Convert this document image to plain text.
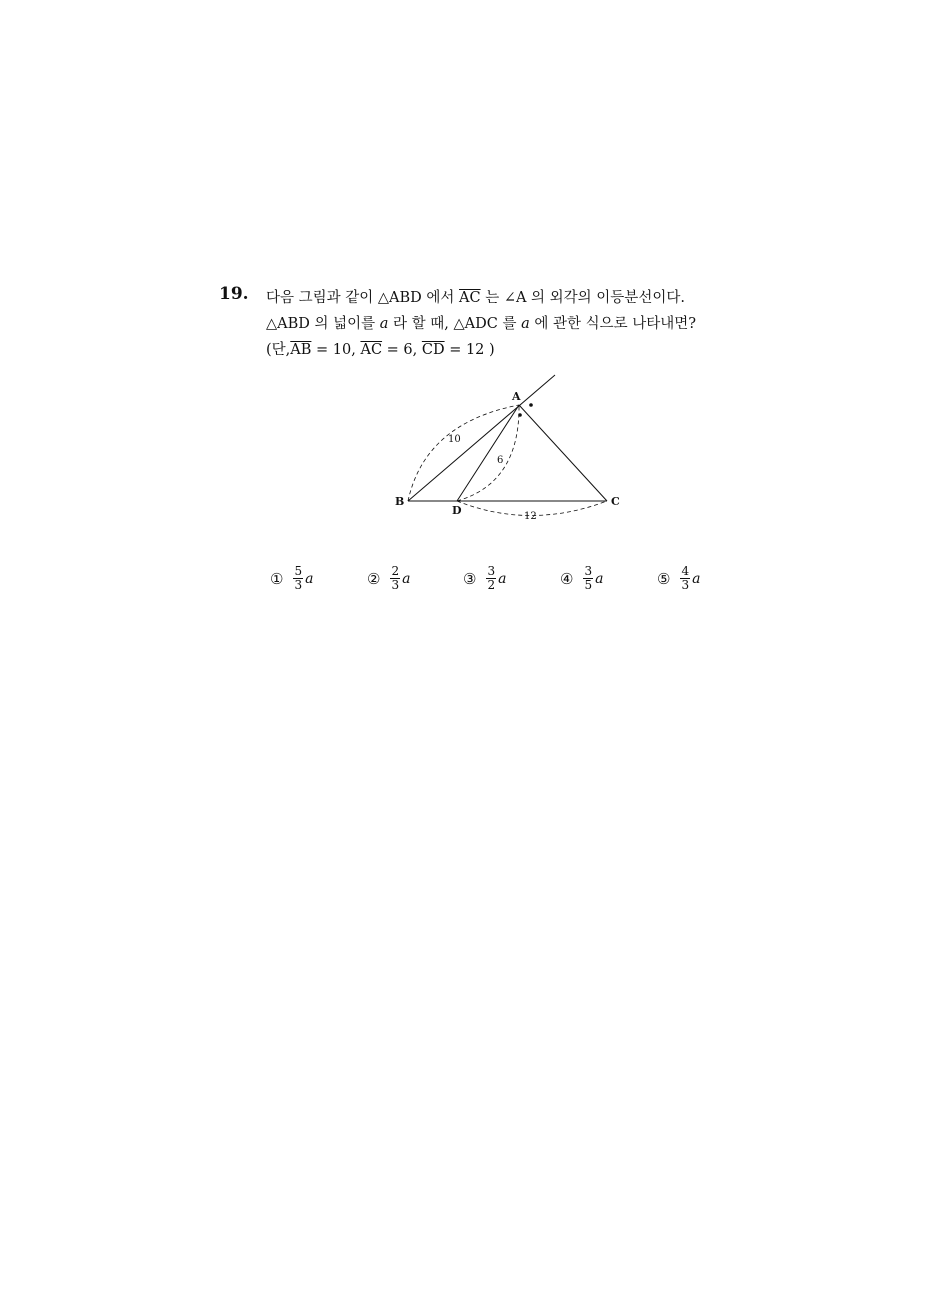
19. 다음 그림과 같이 △ABD 에서 $\overline{AC}$ 는 ∠A 의 외각의 이등분선이다.
△ABD 의 넓이를 a 라 할 때, △ADC 를 a 에 관한 식으로 나타내면?
(단$,\overline{AB} = 10$, $\overline{AC} = 6$, $\overline{CD} = 12$ )
A
B	C
D
10
6
12
① $\frac{5}{3}$ a	② $\frac{2}{3}$ a	③ $\frac{3}{2}$ a	④ $\frac{3}{5}$ a	⑤ $\frac{4}{3}$ a
